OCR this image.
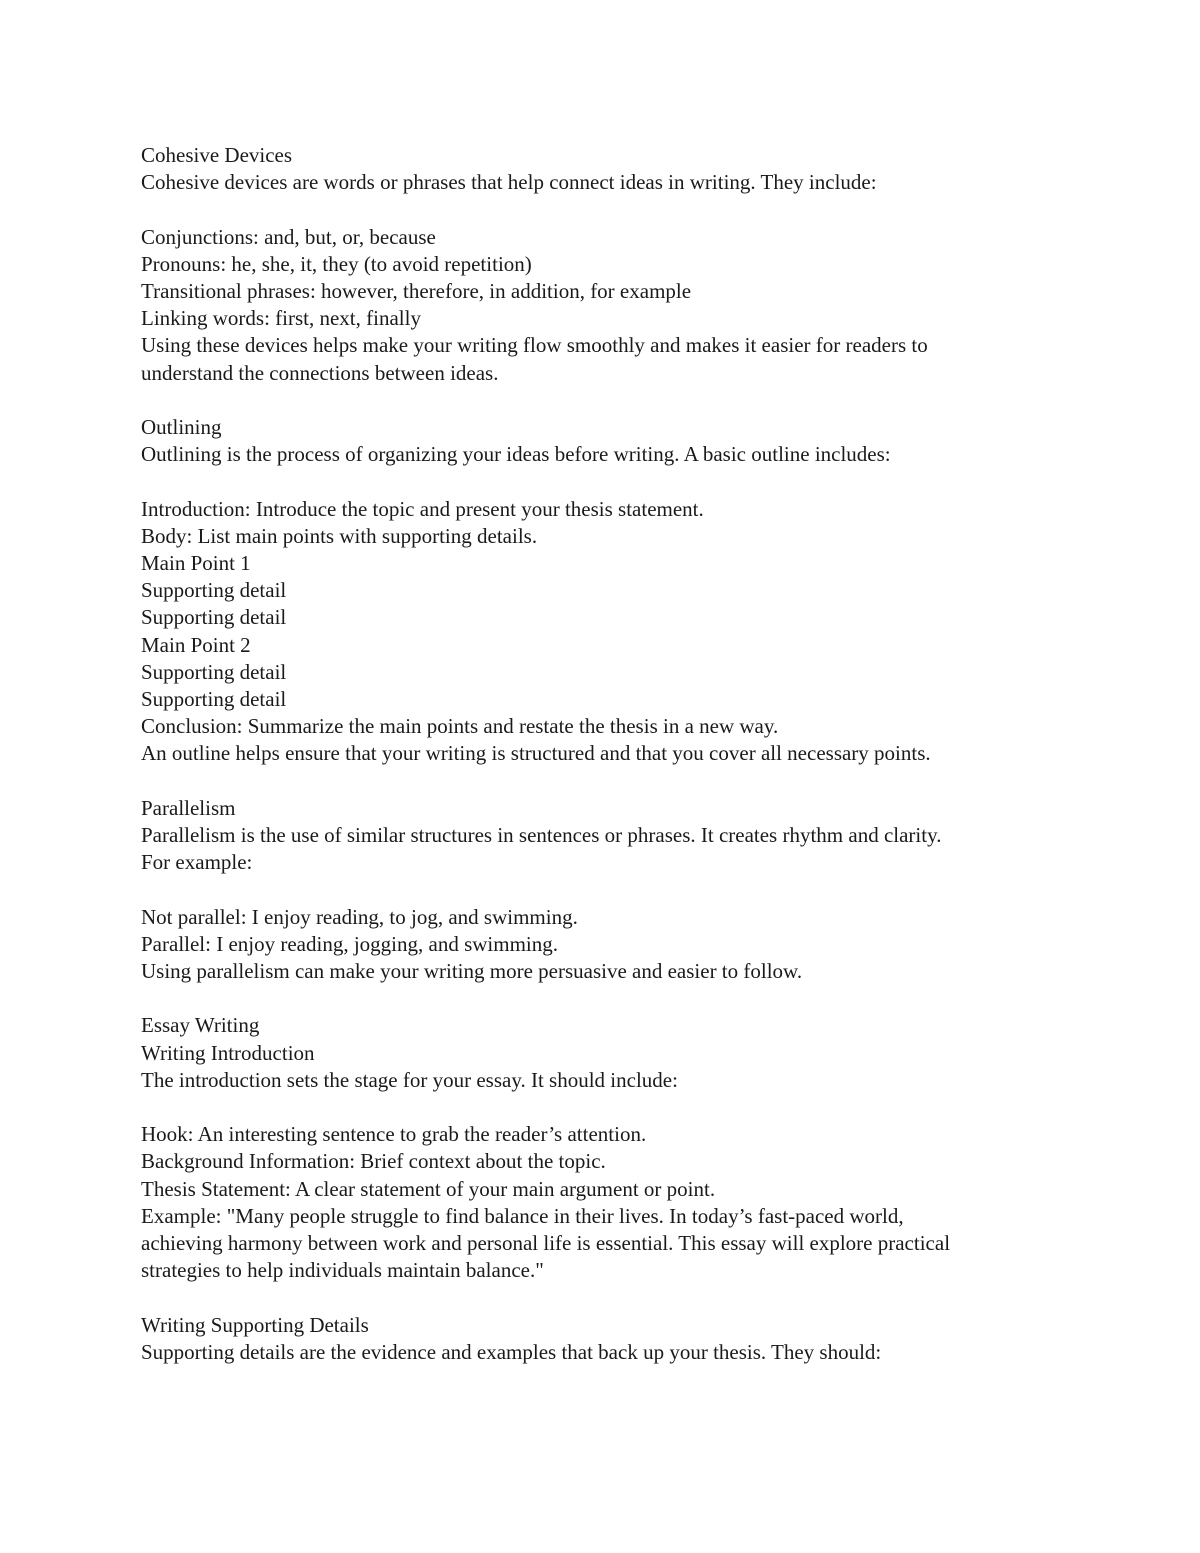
Cohesive Devices
Cohesive devices are words or phrases that help connect ideas in writing. They include:
Conjunctions: and, but, or, because
Pronouns: he, she, it, they (to avoid repetition)
Transitional phrases: however, therefore, in addition, for example
Linking words: first, next, finally
Using these devices helps make your writing flow smoothly and makes it easier for readers to
understand the connections between ideas.
Outlining
Outlining is the process of organizing your ideas before writing. A basic outline includes:
Introduction: Introduce the topic and present your thesis statement.
Body: List main points with supporting details.
Main Point 1
Supporting detail
Supporting detail
Main Point 2
Supporting detail
Supporting detail
Conclusion: Summarize the main points and restate the thesis in a new way.
An outline helps ensure that your writing is structured and that you cover all necessary points.
Parallelism
Parallelism is the use of similar structures in sentences or phrases. It creates rhythm and clarity.
For example:
Not parallel: I enjoy reading, to jog, and swimming.
Parallel: I enjoy reading, jogging, and swimming.
Using parallelism can make your writing more persuasive and easier to follow.
Essay Writing
Writing Introduction
The introduction sets the stage for your essay. It should include:
Hook: An interesting sentence to grab the reader’s attention.
Background Information: Brief context about the topic.
Thesis Statement: A clear statement of your main argument or point.
Example: "Many people struggle to find balance in their lives. In today’s fast-paced world,
achieving harmony between work and personal life is essential. This essay will explore practical
strategies to help individuals maintain balance."
Writing Supporting Details
Supporting details are the evidence and examples that back up your thesis. They should:
